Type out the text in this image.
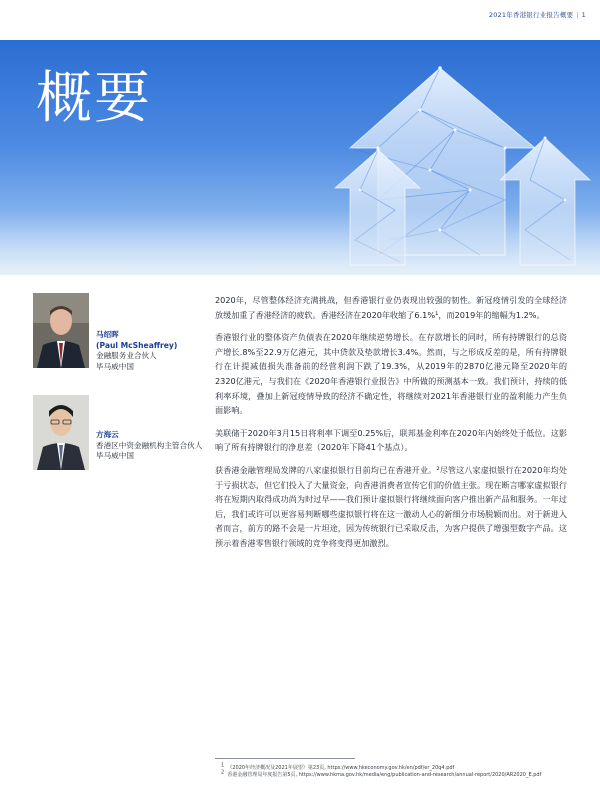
2021年香港银行业报告概要 | 1
概要
马绍晖
(Paul McSheaffrey)
金融服务业合伙人
毕马威中国
方海云
香港区中资金融机构主管合伙人
毕马威中国

2020年，尽管整体经济充满挑战，但香港银行业仍表现出较强的韧性。新冠疫情引发的全球经济放缓加重了香港经济的疲软。香港经济在2020年收缩了6.1%¹，而2019年的缩幅为1.2%。

香港银行业的整体资产负债表在2020年继续逆势增长。在存款增长的同时，所有持牌银行的总资产增长.8%至22.9万亿港元，其中贷款及垫款增长3.4%。然而，与之形成反差的是，所有持牌银行在计提减值损失准备前的经营利润下跌了19.3%，从2019年的2870亿港元降至2020年的2320亿港元，与我们在《2020年香港银行业报告》中所做的预测基本一致。我们预计，持续的低利率环境，叠加上新冠疫情导致的经济不确定性，将继续对2021年香港银行业的盈利能力产生负面影响。

美联储于2020年3月15日将利率下调至0.25%后，联邦基金利率在2020年内始终处于低位。这影响了所有持牌银行的净息差（2020年下降41个基点）。

获香港金融管理局发牌的八家虚拟银行目前均已在香港开业。²尽管这八家虚拟银行在2020年均处于亏损状态，但它们投入了大量资金，向香港消费者宣传它们的价值主张。现在断言哪家虚拟银行将在短期内取得成功尚为时过早——我们预计虚拟银行将继续面向客户推出新产品和服务。一年过后，我们或许可以更容易判断哪些虚拟银行将在这一激动人心的新细分市场脱颖而出。对于新进入者而言，前方的路不会是一片坦途，因为传统银行已采取反击，为客户提供了增强型数字产品。这预示着香港零售银行领域的竞争将变得更加激烈。

$^1$ 《2020年经济概况及2021年展望》第23页, https://www.hkeconomy.gov.hk/en/pdf/er_20q4.pdf
$^2$ 香港金融管理局年度报告第5页, https://www.hkma.gov.hk/media/eng/publication-and-research/annual-report/2020/AR2020_E.pdf
